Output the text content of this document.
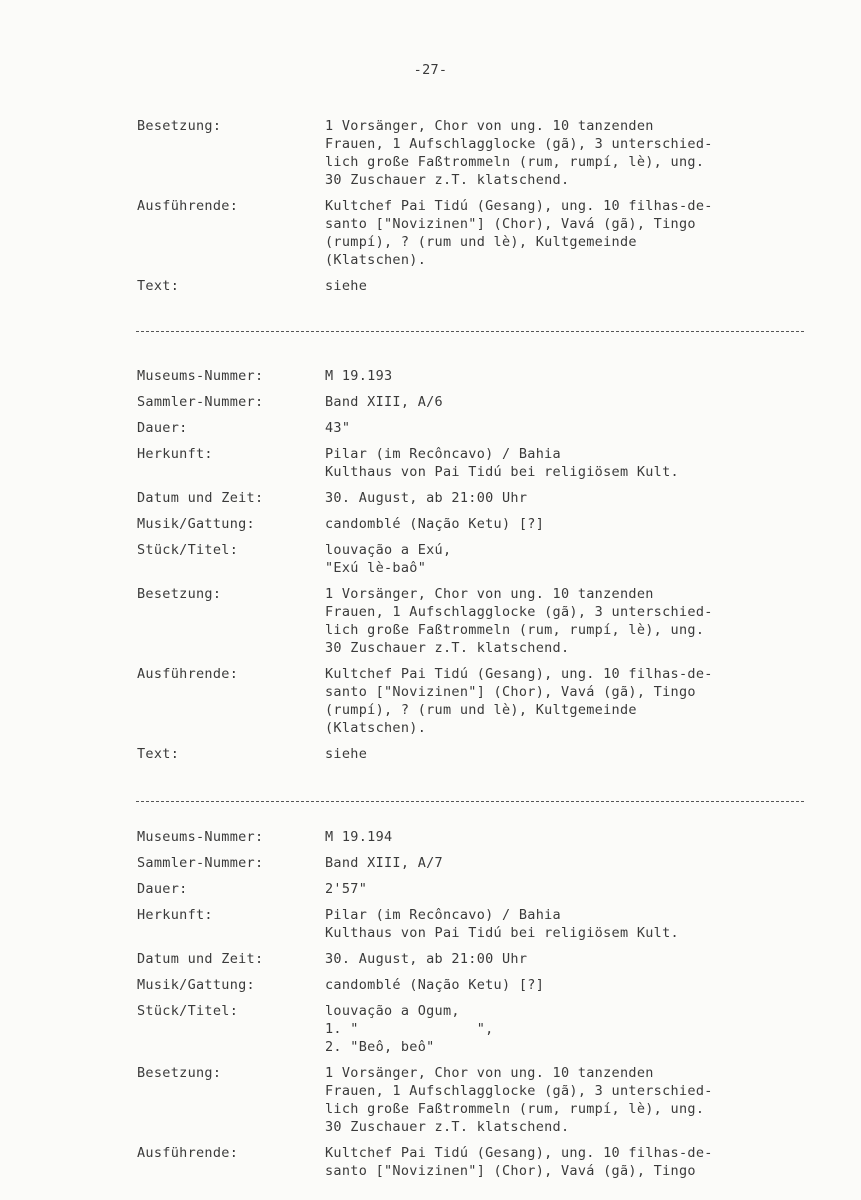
-27-
Besetzung:	1 Vorsänger, Chor von ung. 10 tanzenden
Frauen, 1 Aufschlagglocke (gã), 3 unterschied-
lich große Faßtrommeln (rum, rumpí, lè), ung.
30 Zuschauer z.T. klatschend.
Ausführende:	Kultchef Pai Tidú (Gesang), ung. 10 filhas-de-
santo ["Novizinen"] (Chor), Vavá (gã), Tingo
(rumpí), ? (rum und lè), Kultgemeinde
(Klatschen).
Text:	siehe
Museums-Nummer:	M 19.193
Sammler-Nummer:	Band XIII, A/6
Dauer:	43"
Herkunft:	Pilar (im Recôncavo) / Bahia
Kulthaus von Pai Tidú bei religiösem Kult.
Datum und Zeit:	30. August, ab 21:00 Uhr
Musik/Gattung:	candomblé (Nação Ketu) [?]
Stück/Titel:	louvação a Exú,
"Exú lè-baô"
Besetzung:	1 Vorsänger, Chor von ung. 10 tanzenden
Frauen, 1 Aufschlagglocke (gã), 3 unterschied-
lich große Faßtrommeln (rum, rumpí, lè), ung.
30 Zuschauer z.T. klatschend.
Ausführende:	Kultchef Pai Tidú (Gesang), ung. 10 filhas-de-
santo ["Novizinen"] (Chor), Vavá (gã), Tingo
(rumpí), ? (rum und lè), Kultgemeinde
(Klatschen).
Text:	siehe
Museums-Nummer:	M 19.194
Sammler-Nummer:	Band XIII, A/7
Dauer:	2'57"
Herkunft:	Pilar (im Recôncavo) / Bahia
Kulthaus von Pai Tidú bei religiösem Kult.
Datum und Zeit:	30. August, ab 21:00 Uhr
Musik/Gattung:	candomblé (Nação Ketu) [?]
Stück/Titel:	louvação a Ogum,
1. "              ",
2. "Beô, beô"
Besetzung:	1 Vorsänger, Chor von ung. 10 tanzenden
Frauen, 1 Aufschlagglocke (gã), 3 unterschied-
lich große Faßtrommeln (rum, rumpí, lè), ung.
30 Zuschauer z.T. klatschend.
Ausführende:	Kultchef Pai Tidú (Gesang), ung. 10 filhas-de-
santo ["Novizinen"] (Chor), Vavá (gã), Tingo
